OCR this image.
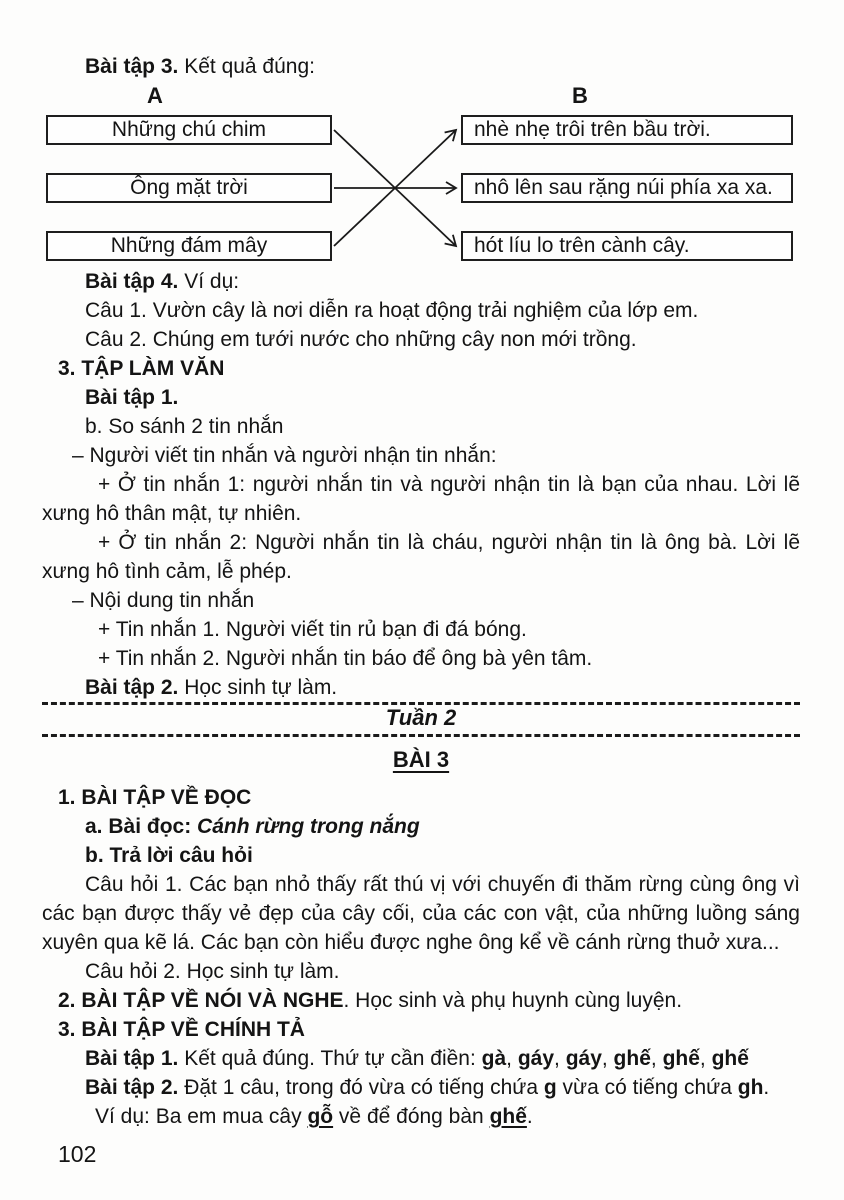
Bài tập 3. Kết quả đúng:

A	B
Những chú chim
Ông mặt trời
Những đám mây
nhè nhẹ trôi trên bầu trời.
nhô lên sau rặng núi phía xa xa.
hót líu lo trên cành cây.

Bài tập 4. Ví dụ:

Câu 1. Vườn cây là nơi diễn ra hoạt động trải nghiệm của lớp em.

Câu 2. Chúng em tưới nước cho những cây non mới trồng.

3. TẬP LÀM VĂN

Bài tập 1.

b. So sánh 2 tin nhắn

– Người viết tin nhắn và người nhận tin nhắn:

+ Ở tin nhắn 1: người nhắn tin và người nhận tin là bạn của nhau. Lời lẽ xưng hô thân mật, tự nhiên.

+ Ở tin nhắn 2: Người nhắn tin là cháu, người nhận tin là ông bà. Lời lẽ xưng hô tình cảm, lễ phép.

– Nội dung tin nhắn

+ Tin nhắn 1. Người viết tin rủ bạn đi đá bóng.

+ Tin nhắn 2. Người nhắn tin báo để ông bà yên tâm.

Bài tập 2. Học sinh tự làm.

Tuần 2

BÀI 3

1. BÀI TẬP VỀ ĐỌC

a. Bài đọc: Cánh rừng trong nắng

b. Trả lời câu hỏi

Câu hỏi 1. Các bạn nhỏ thấy rất thú vị với chuyến đi thăm rừng cùng ông vì các bạn được thấy vẻ đẹp của cây cối, của các con vật, của những luồng sáng xuyên qua kẽ lá. Các bạn còn hiểu được nghe ông kể về cánh rừng thuở xưa...

Câu hỏi 2. Học sinh tự làm.

2. BÀI TẬP VỀ NÓI VÀ NGHE. Học sinh và phụ huynh cùng luyện.

3. BÀI TẬP VỀ CHÍNH TẢ

Bài tập 1. Kết quả đúng. Thứ tự cần điền: gà, gáy, gáy, ghế, ghế, ghế

Bài tập 2. Đặt 1 câu, trong đó vừa có tiếng chứa g vừa có tiếng chứa gh.

Ví dụ: Ba em mua cây gỗ về để đóng bàn ghế.

102
